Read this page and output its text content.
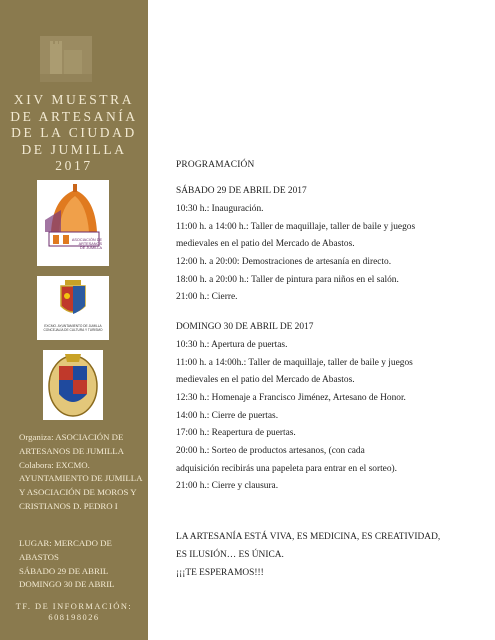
XIV MUESTRA
DE ARTESANÍA
DE LA CIUDAD
DE JUMILLA
2017
ASOCIACIÓN DE
ARTESANOS
DE JUMILLA
EXCMO. AYUNTAMIENTO DE JUMILLA
CONCEJALÍA DE CULTURA Y TURISMO
Organiza: ASOCIACIÓN DE
ARTESANOS DE JUMILLA
Colabora: EXCMO.
AYUNTAMIENTO DE JUMILLA
Y ASOCIACIÓN DE MOROS Y
CRISTIANOS D. PEDRO I
LUGAR: MERCADO DE
ABASTOS
SÁBADO 29 DE ABRIL
DOMINGO 30 DE ABRIL
TF. DE INFORMACIÓN:
608198026
PROGRAMACIÓN

SÁBADO 29 DE ABRIL DE 2017

10:30 h.: Inauguración.

11:00 h. a 14:00 h.: Taller de maquillaje, taller de baile y juegos

medievales en el patio del Mercado de Abastos.

12:00 h. a 20:00: Demostraciones de artesanía en directo.

18:00 h. a 20:00 h.: Taller de pintura para niños en el salón.

21:00 h.: Cierre.

DOMINGO 30 DE ABRIL DE 2017

10:30 h.: Apertura de puertas.

11:00 h. a 14:00h.: Taller de maquillaje, taller de baile y juegos

medievales en el patio del Mercado de Abastos.

12:30 h.: Homenaje a Francisco Jiménez, Artesano de Honor.

14:00 h.: Cierre de puertas.

17:00 h.: Reapertura de puertas.

20:00 h.: Sorteo de productos artesanos, (con cada

adquisición recibirás una papeleta para entrar en el sorteo).

21:00 h.: Cierre y clausura.

LA ARTESANÍA ESTÁ VIVA, ES MEDICINA, ES CREATIVIDAD,

ES ILUSIÓN… ES ÚNICA.

¡¡¡TE ESPERAMOS!!!
